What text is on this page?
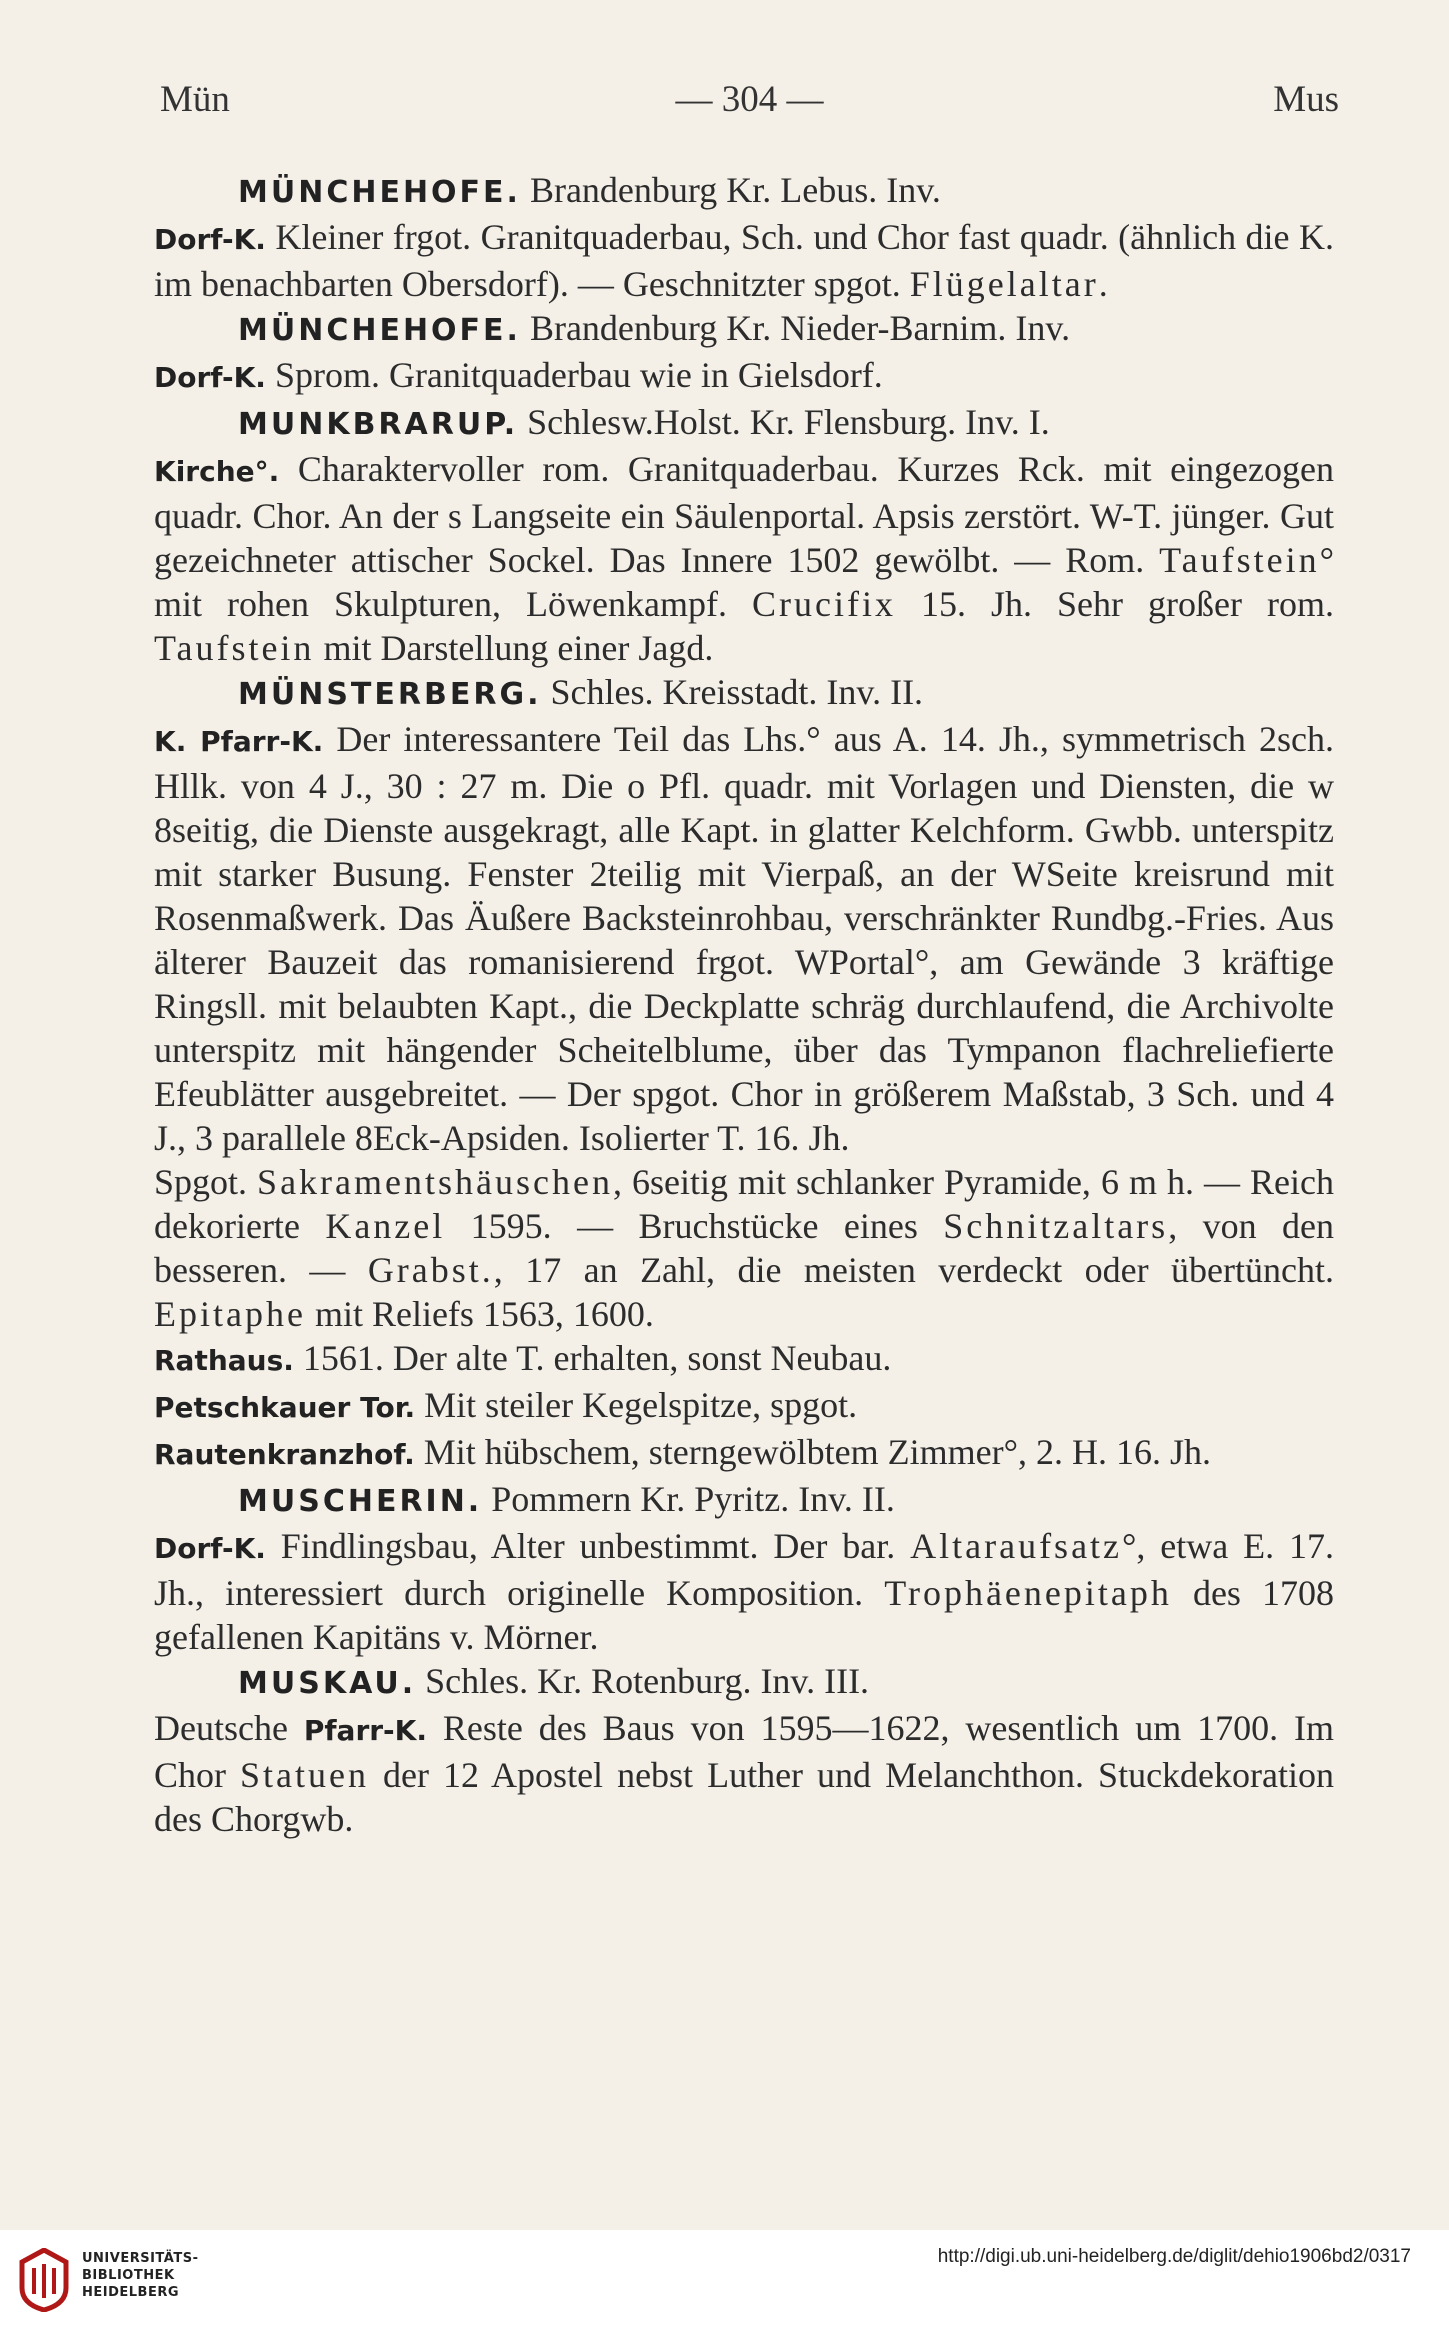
Mün	— 304 —	Mus

MÜNCHEHOFE. Brandenburg Kr. Lebus. Inv.

Dorf-K. Kleiner frgot. Granitquaderbau, Sch. und Chor fast quadr. (ähnlich die K. im benachbarten Obersdorf). — Geschnitzter spgot. Flügelaltar.

MÜNCHEHOFE. Brandenburg Kr. Nieder-Barnim. Inv.

Dorf-K. Sprom. Granitquaderbau wie in Gielsdorf.

MUNKBRARUP. Schlesw.Holst. Kr. Flensburg. Inv. I.

Kirche°. Charaktervoller rom. Granitquaderbau. Kurzes Rck. mit eingezogen quadr. Chor. An der s Langseite ein Säulenportal. Apsis zerstört. W-T. jünger. Gut gezeichneter attischer Sockel. Das Innere 1502 gewölbt. — Rom. Taufstein° mit rohen Skulpturen, Löwenkampf. Crucifix 15. Jh. Sehr großer rom. Taufstein mit Darstellung einer Jagd.

MÜNSTERBERG. Schles. Kreisstadt. Inv. II.

K. Pfarr-K. Der interessantere Teil das Lhs.° aus A. 14. Jh., symmetrisch 2sch. Hllk. von 4 J., 30 : 27 m. Die o Pfl. quadr. mit Vorlagen und Diensten, die w 8seitig, die Dienste ausgekragt, alle Kapt. in glatter Kelchform. Gwbb. unterspitz mit starker Busung. Fenster 2teilig mit Vierpaß, an der WSeite kreisrund mit Rosenmaßwerk. Das Äußere Backsteinrohbau, verschränkter Rundbg.-Fries. Aus älterer Bauzeit das romanisierend frgot. WPortal°, am Gewände 3 kräftige Ringsll. mit belaubten Kapt., die Deckplatte schräg durchlaufend, die Archivolte unterspitz mit hängender Scheitelblume, über das Tympanon flachreliefierte Efeublätter ausgebreitet. — Der spgot. Chor in größerem Maßstab, 3 Sch. und 4 J., 3 parallele 8Eck-Apsiden. Isolierter T. 16. Jh.

Spgot. Sakramentshäuschen, 6seitig mit schlanker Pyramide, 6 m h. — Reich dekorierte Kanzel 1595. — Bruchstücke eines Schnitzaltars, von den besseren. — Grabst., 17 an Zahl, die meisten verdeckt oder übertüncht. Epitaphe mit Reliefs 1563, 1600.

Rathaus. 1561. Der alte T. erhalten, sonst Neubau.

Petschkauer Tor. Mit steiler Kegelspitze, spgot.

Rautenkranzhof. Mit hübschem, sterngewölbtem Zimmer°, 2. H. 16. Jh.

MUSCHERIN. Pommern Kr. Pyritz. Inv. II.

Dorf-K. Findlingsbau, Alter unbestimmt. Der bar. Altaraufsatz°, etwa E. 17. Jh., interessiert durch originelle Komposition. Trophäenepitaph des 1708 gefallenen Kapitäns v. Mörner.

MUSKAU. Schles. Kr. Rotenburg. Inv. III.

Deutsche Pfarr-K. Reste des Baus von 1595—1622, wesentlich um 1700. Im Chor Statuen der 12 Apostel nebst Luther und Melanchthon. Stuckdekoration des Chorgwb.

UNIVERSITÄTS-
BIBLIOTHEK
HEIDELBERG
http://digi.ub.uni-heidelberg.de/diglit/dehio1906bd2/0317
